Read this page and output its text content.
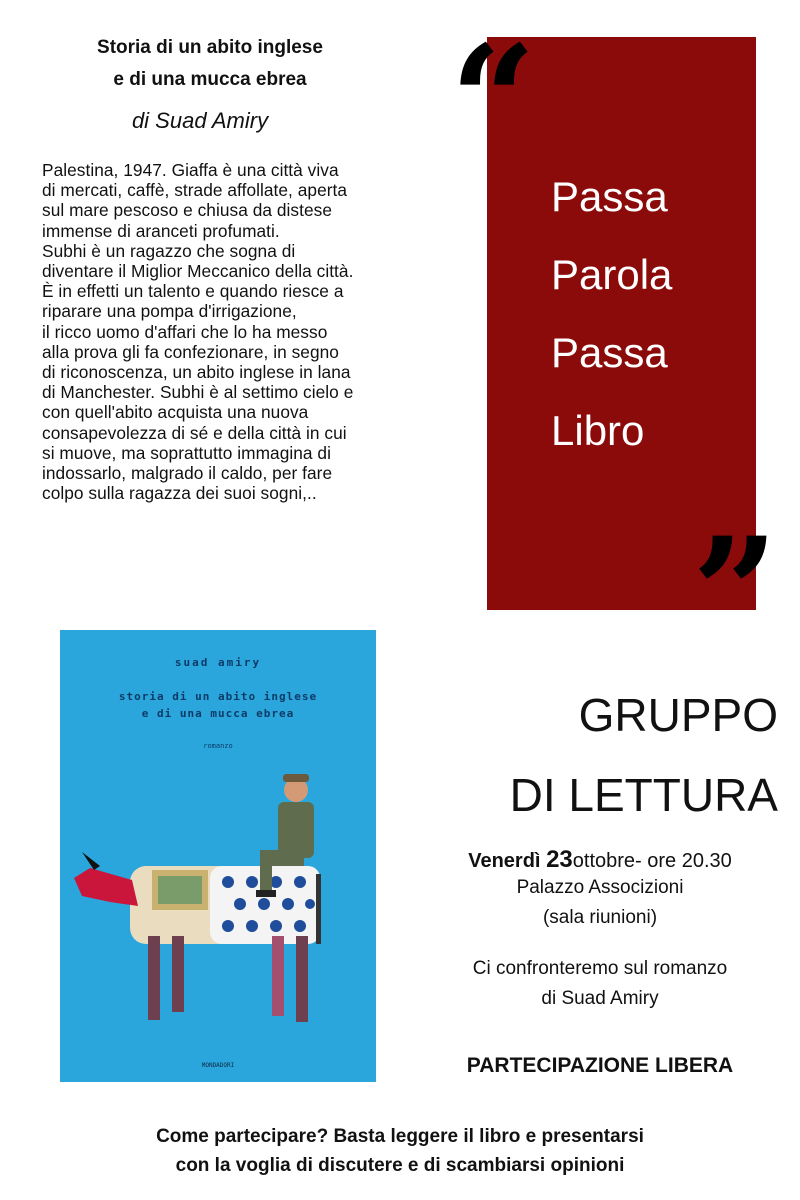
Storia di un abito inglese
e di una mucca ebrea
di Suad Amiry
Palestina, 1947. Giaffa è una città viva
di mercati, caffè, strade affollate, aperta
sul mare pescoso e chiusa da distese
immense di aranceti profumati.
Subhi è un ragazzo che sogna di
diventare il Miglior Meccanico della città.
È in effetti un talento e quando riesce a
riparare una pompa d'irrigazione,
il ricco uomo d'affari che lo ha messo
alla prova gli fa confezionare, in segno
di riconoscenza, un abito inglese in lana
di Manchester. Subhi è al settimo cielo e
con quell'abito acquista una nuova
consapevolezza di sé e della città in cui
si muove, ma soprattutto immagina di
indossarlo, malgrado il caldo, per fare
colpo sulla ragazza dei suoi sogni,..
“
”
Passa
Parola
Passa
Libro
suad amiry
storia di un abito inglese
e di una mucca ebrea
romanzo
MONDADORI
GRUPPO
DI LETTURA
Venerdì 23ottobre- ore 20.30
Palazzo Associzioni
(sala riunioni)
Ci confronteremo sul romanzo
di Suad Amiry
PARTECIPAZIONE LIBERA
Come partecipare? Basta leggere il libro e presentarsi
con la voglia di discutere e di scambiarsi opinioni
